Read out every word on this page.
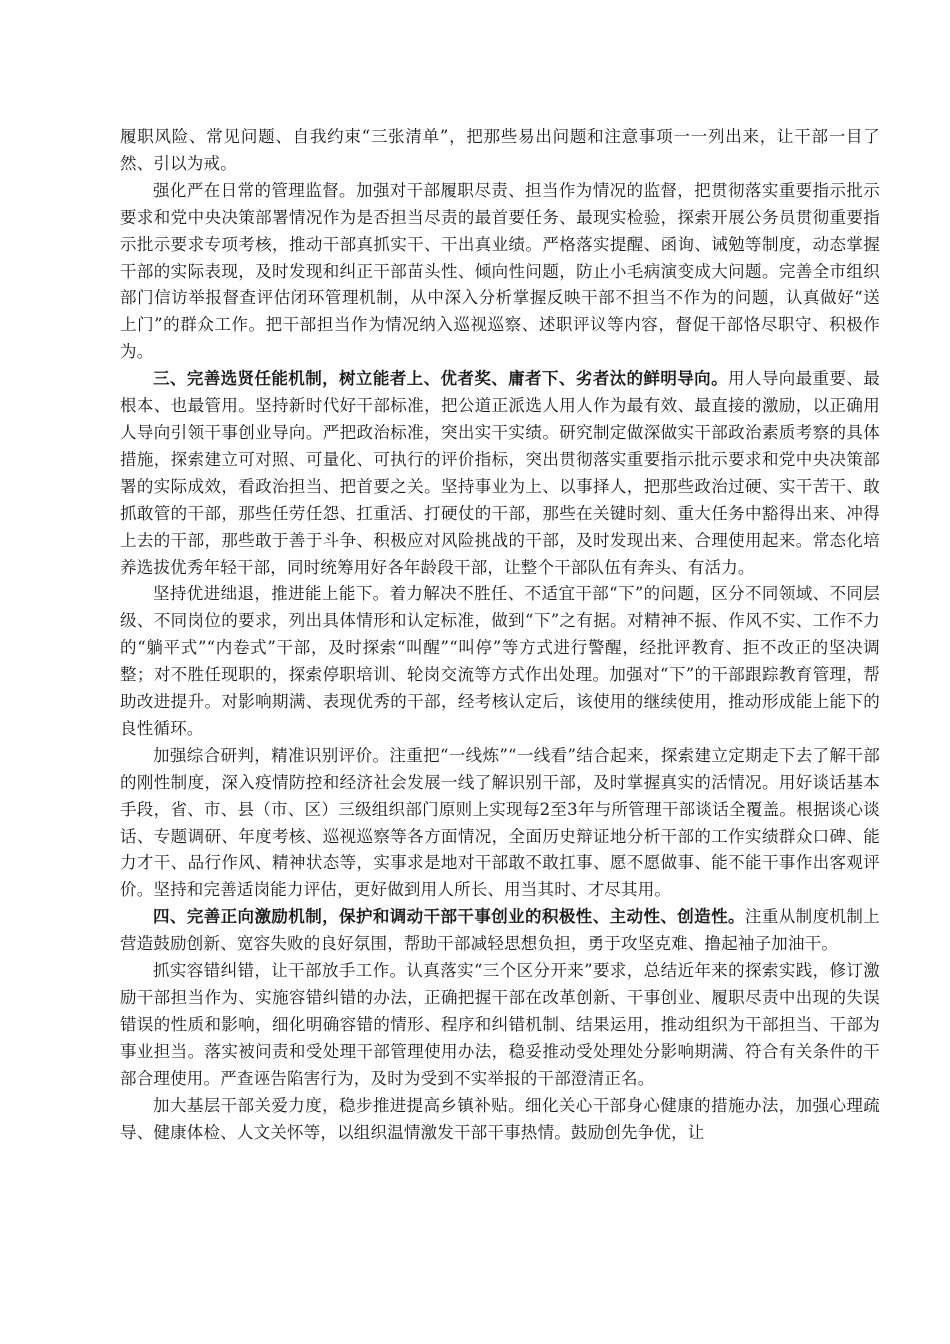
履职风险、常见问题、自我约束“三张清单”，把那些易出问题和注意事项一一列出来，让干部一目了然、引以为戒。

强化严在日常的管理监督。加强对干部履职尽责、担当作为情况的监督，把贯彻落实重要指示批示要求和党中央决策部署情况作为是否担当尽责的最首要任务、最现实检验，探索开展公务员贯彻重要指示批示要求专项考核，推动干部真抓实干、干出真业绩。严格落实提醒、函询、诫勉等制度，动态掌握干部的实际表现，及时发现和纠正干部苗头性、倾向性问题，防止小毛病演变成大问题。完善全市组织部门信访举报督查评估闭环管理机制，从中深入分析掌握反映干部不担当不作为的问题，认真做好“送上门”的群众工作。把干部担当作为情况纳入巡视巡察、述职评议等内容，督促干部恪尽职守、积极作为。

三、完善选贤任能机制，树立能者上、优者奖、庸者下、劣者汰的鲜明导向。用人导向最重要、最根本、也最管用。坚持新时代好干部标准，把公道正派选人用人作为最有效、最直接的激励，以正确用人导向引领干事创业导向。严把政治标准，突出实干实绩。研究制定做深做实干部政治素质考察的具体措施，探索建立可对照、可量化、可执行的评价指标，突出贯彻落实重要指示批示要求和党中央决策部署的实际成效，看政治担当、把首要之关。坚持事业为上、以事择人，把那些政治过硬、实干苦干、敢抓敢管的干部，那些任劳任怨、扛重活、打硬仗的干部，那些在关键时刻、重大任务中豁得出来、冲得上去的干部，那些敢于善于斗争、积极应对风险挑战的干部，及时发现出来、合理使用起来。常态化培养选拔优秀年轻干部，同时统筹用好各年龄段干部，让整个干部队伍有奔头、有活力。

坚持优进绌退，推进能上能下。着力解决不胜任、不适宜干部“下”的问题，区分不同领域、不同层级、不同岗位的要求，列出具体情形和认定标准，做到“下”之有据。对精神不振、作风不实、工作不力的“躺平式”“内卷式”干部，及时探索“叫醒”“叫停”等方式进行警醒，经批评教育、拒不改正的坚决调整；对不胜任现职的，探索停职培训、轮岗交流等方式作出处理。加强对“下”的干部跟踪教育管理，帮助改进提升。对影响期满、表现优秀的干部，经考核认定后，该使用的继续使用，推动形成能上能下的良性循环。

加强综合研判，精准识别评价。注重把“一线炼”“一线看”结合起来，探索建立定期走下去了解干部的刚性制度，深入疫情防控和经济社会发展一线了解识别干部，及时掌握真实的活情况。用好谈话基本手段，省、市、县（市、区）三级组织部门原则上实现每2至3年与所管理干部谈话全覆盖。根据谈心谈话、专题调研、年度考核、巡视巡察等各方面情况，全面历史辩证地分析干部的工作实绩群众口碑、能力才干、品行作风、精神状态等，实事求是地对干部敢不敢扛事、愿不愿做事、能不能干事作出客观评价。坚持和完善适岗能力评估，更好做到用人所长、用当其时、才尽其用。

四、完善正向激励机制，保护和调动干部干事创业的积极性、主动性、创造性。注重从制度机制上营造鼓励创新、宽容失败的良好氛围，帮助干部减轻思想负担，勇于攻坚克难、撸起袖子加油干。

抓实容错纠错，让干部放手工作。认真落实“三个区分开来”要求，总结近年来的探索实践，修订激励干部担当作为、实施容错纠错的办法，正确把握干部在改革创新、干事创业、履职尽责中出现的失误错误的性质和影响，细化明确容错的情形、程序和纠错机制、结果运用，推动组织为干部担当、干部为事业担当。落实被问责和受处理干部管理使用办法，稳妥推动受处理处分影响期满、符合有关条件的干部合理使用。严查诬告陷害行为，及时为受到不实举报的干部澄清正名。

加大基层干部关爱力度，稳步推进提高乡镇补贴。细化关心干部身心健康的措施办法，加强心理疏导、健康体检、人文关怀等，以组织温情激发干部干事热情。鼓励创先争优，让
